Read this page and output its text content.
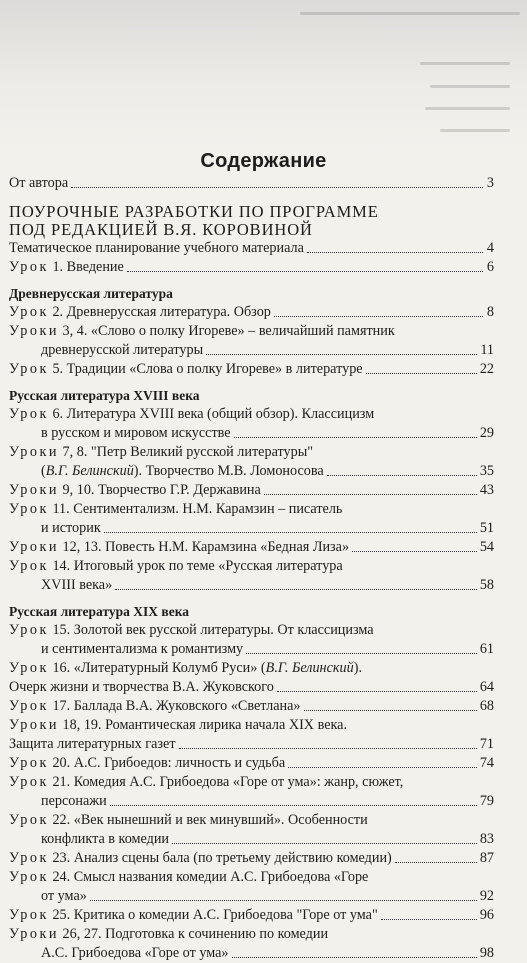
Содержание
От автора	3
ПОУРОЧНЫЕ РАЗРАБОТКИ ПО ПРОГРАММЕ
ПОД РЕДАКЦИЕЙ В.Я. КОРОВИНОЙ
Тематическое планирование учебного материала	4
Урок 1. Введение	6
Древнерусская литература
Урок 2. Древнерусская литература. Обзор	8
Уроки 3, 4. «Слово о полку Игореве» – величайший памятник
древнерусской литературы	11
Урок 5. Традиции «Слова о полку Игореве» в литературе	22
Русская литература XVIII века
Урок 6. Литература XVIII века (общий обзор). Классицизм
в русском и мировом искусстве	29
Уроки 7, 8. "Петр Великий русской литературы"
(В.Г. Белинский). Творчество М.В. Ломоносова	35
Уроки 9, 10. Творчество Г.Р. Державина	43
Урок 11. Сентиментализм. Н.М. Карамзин – писатель
и историк	51
Уроки 12, 13. Повесть Н.М. Карамзина «Бедная Лиза»	54
Урок 14. Итоговый урок по теме «Русская литература
XVIII века»	58
Русская литература XIX века
Урок 15. Золотой век русской литературы. От классицизма
и сентиментализма к романтизму	61
Урок 16. «Литературный Колумб Руси» (В.Г. Белинский).
Очерк жизни и творчества В.А. Жуковского	64
Урок 17. Баллада В.А. Жуковского «Светлана»	68
Уроки 18, 19. Романтическая лирика начала XIX века.
Защита литературных газет	71
Урок 20. А.С. Грибоедов: личность и судьба	74
Урок 21. Комедия А.С. Грибоедова «Горе от ума»: жанр, сюжет,
персонажи	79
Урок 22. «Век нынешний и век минувший». Особенности
конфликта в комедии	83
Урок 23. Анализ сцены бала (по третьему действию комедии)	87
Урок 24. Смысл названия комедии А.С. Грибоедова «Горе
от ума»	92
Урок 25. Критика о комедии А.С. Грибоедова "Горе от ума"	96
Уроки 26, 27. Подготовка к сочинению по комедии
А.С. Грибоедова «Горе от ума»	98
